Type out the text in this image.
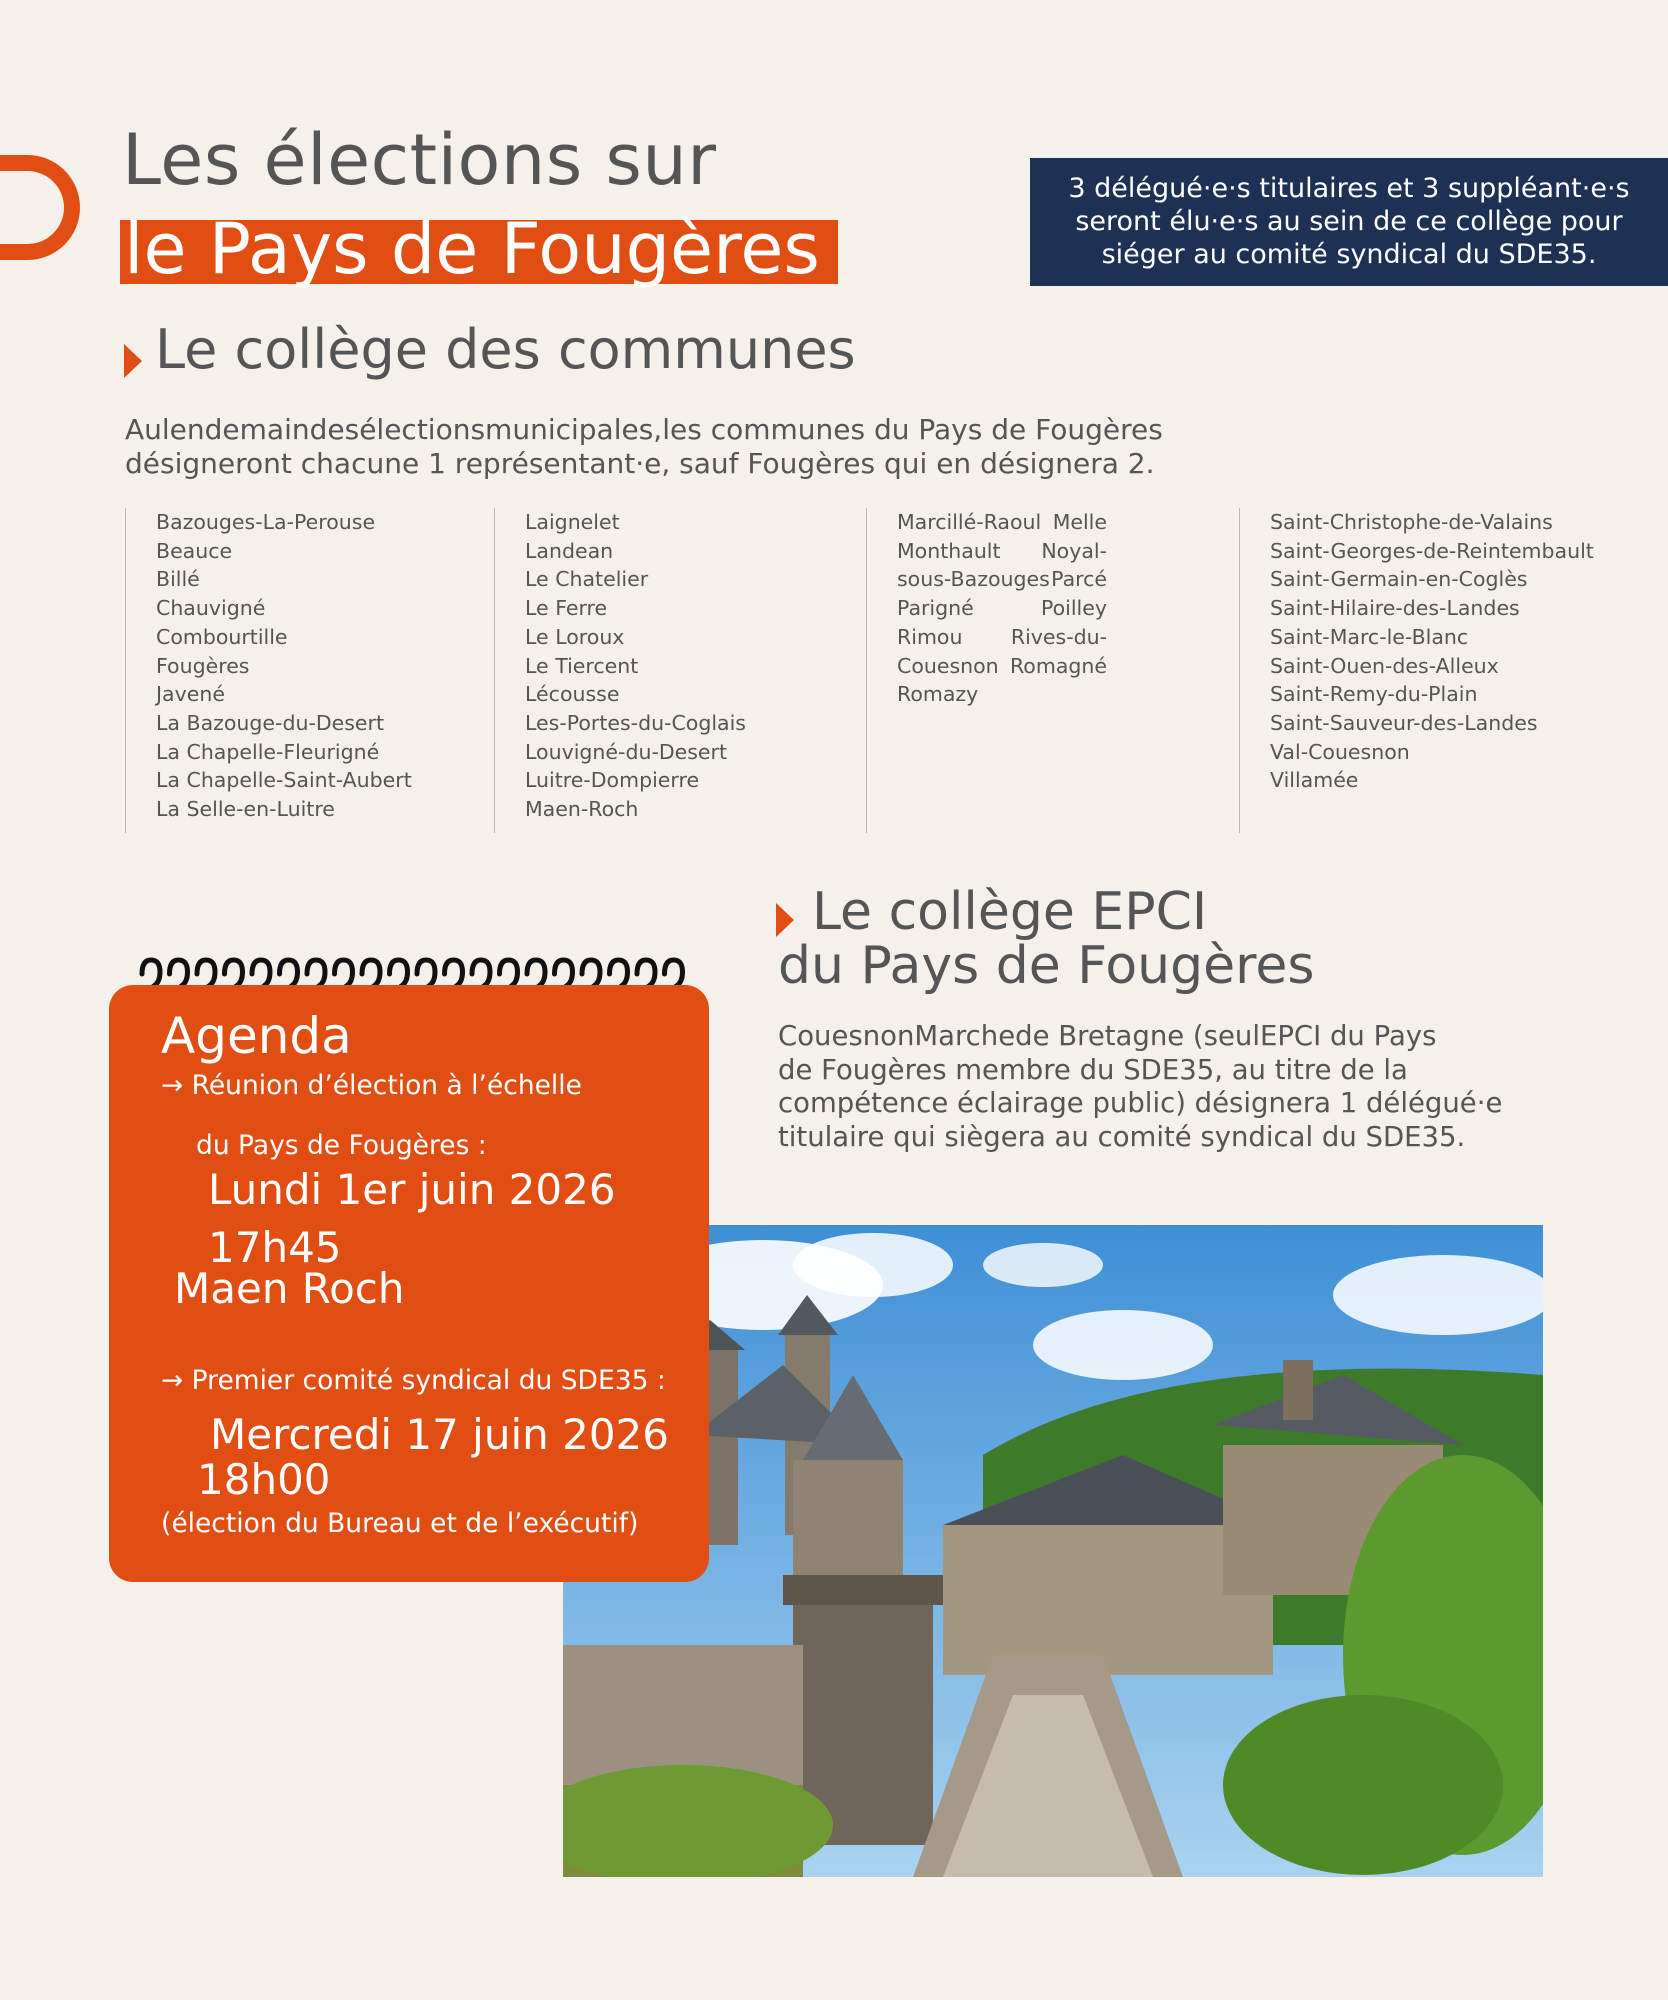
Les élections sur
le Pays de Fougères
3 délégué·e·s titulaires et 3 suppléant·e·s
seront élu·e·s au sein de ce collège pour
siéger au comité syndical du SDE35.
Le collège des communes
Aulendemaindesélectionsmunicipales,les communes du Pays de Fougères
désigneront chacune 1 représentant·e, sauf Fougères qui en désignera 2.
Bazouges-La-Perouse
Beauce
Billé
Chauvigné
Combourtille
Fougères
Javené
La Bazouge-du-Desert
La Chapelle-Fleurigné
La Chapelle-Saint-Aubert
La Selle-en-Luitre
Laignelet
Landean
Le Chatelier
Le Ferre
Le Loroux
Le Tiercent
Lécousse
Les-Portes-du-Coglais
Louvigné-du-Desert
Luitre-Dompierre
Maen-Roch
Marcillé-Raoul Melle
Monthault Noyal-
sous-Bazouges Parcé
Parigné	Poilley
Rimou Rives-du-
Couesnon Romagné
Romazy
Saint-Christophe-de-Valains
Saint-Georges-de-Reintembault
Saint-Germain-en-Coglès
Saint-Hilaire-des-Landes
Saint-Marc-le-Blanc
Saint-Ouen-des-Alleux
Saint-Remy-du-Plain
Saint-Sauveur-des-Landes
Val-Couesnon
Villamée
Le collège EPCI
du Pays de Fougères
CouesnonMarchede Bretagne (seulEPCI du Pays
de Fougères membre du SDE35, au titre de la
compétence éclairage public) désignera 1 délégué·e
titulaire qui siègera au comité syndical du SDE35.
Agenda
→ Réunion d’élection à l’échelle
du Pays de Fougères :
Lundi 1er juin 2026
17h45
Maen Roch
→ Premier comité syndical du SDE35 :
Mercredi 17 juin 2026
18h00
(élection du Bureau et de l’exécutif)
